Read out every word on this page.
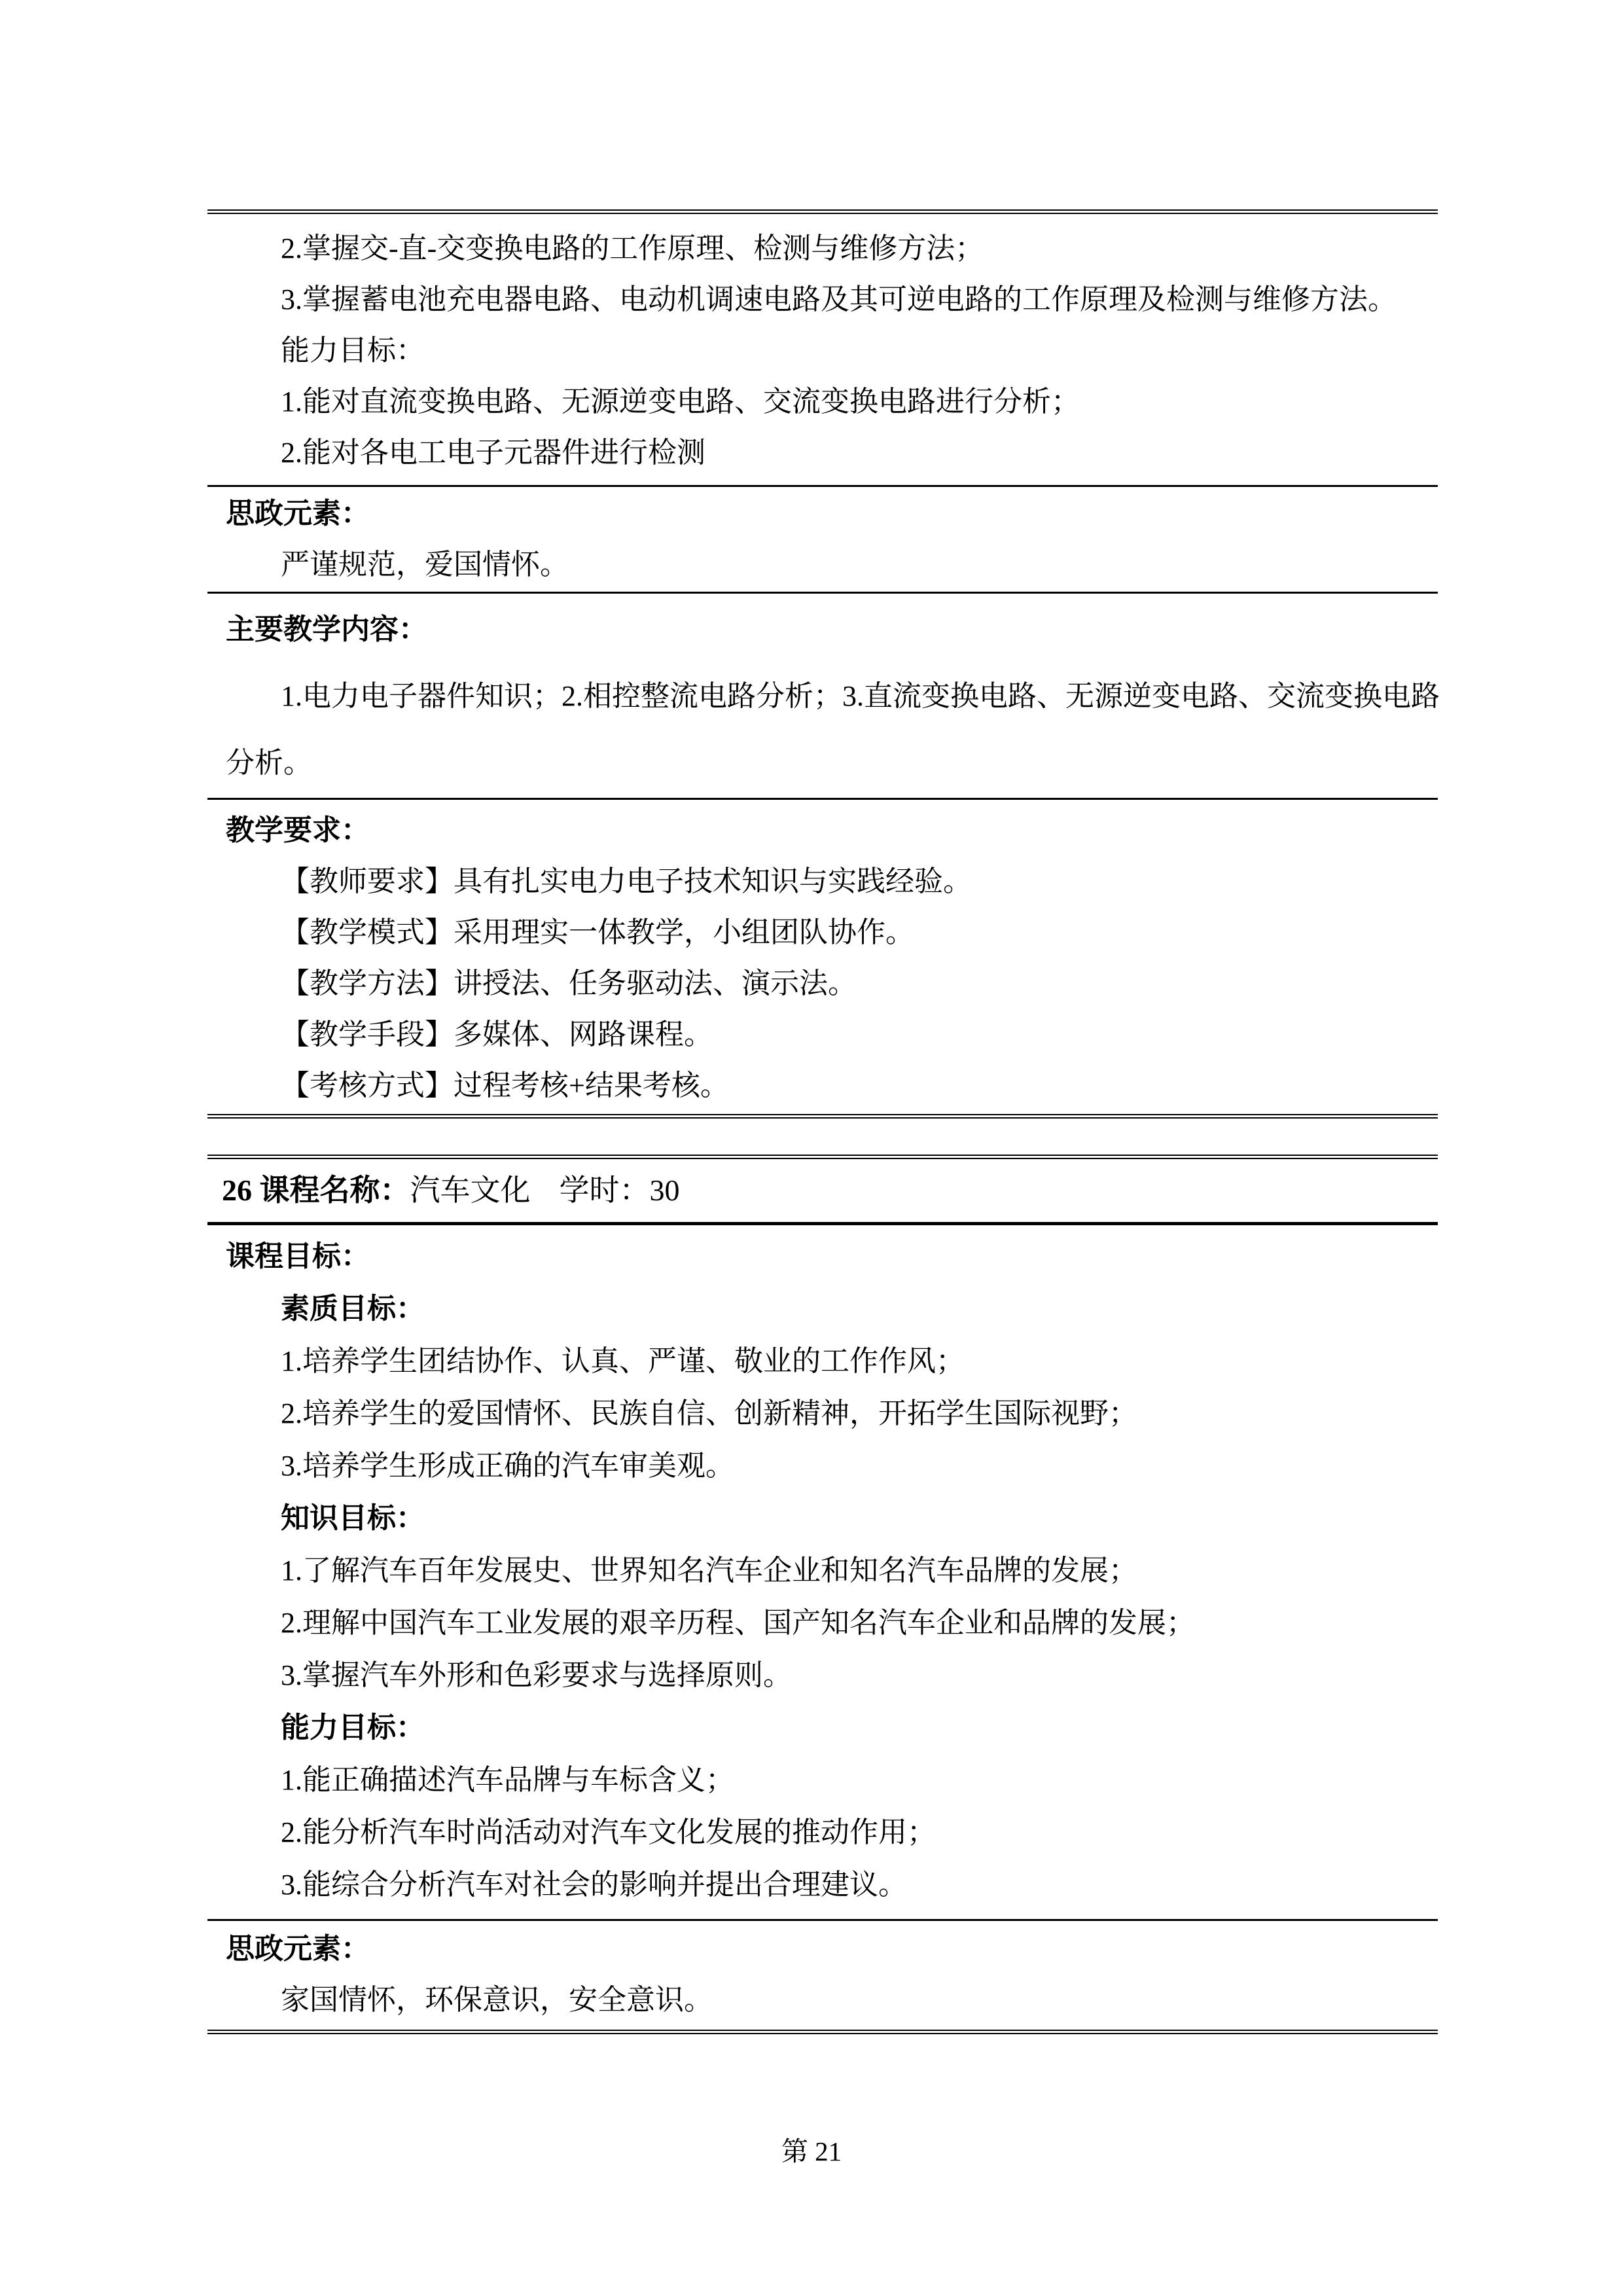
2.掌握交-直-交变换电路的工作原理、检测与维修方法；
3.掌握蓄电池充电器电路、电动机调速电路及其可逆电路的工作原理及检测与维修方法。
能力目标：
1.能对直流变换电路、无源逆变电路、交流变换电路进行分析；
2.能对各电工电子元器件进行检测
思政元素：
严谨规范，爱国情怀。
主要教学内容：
1.电力电子器件知识；2.相控整流电路分析；3.直流变换电路、无源逆变电路、交流变换电路
分析。
教学要求：
【教师要求】具有扎实电力电子技术知识与实践经验。
【教学模式】采用理实一体教学，小组团队协作。
【教学方法】讲授法、任务驱动法、演示法。
【教学手段】多媒体、网路课程。
【考核方式】过程考核+结果考核。
26 课程名称：汽车文化 学时：30
课程目标：
素质目标：
1.培养学生团结协作、认真、严谨、敬业的工作作风；
2.培养学生的爱国情怀、民族自信、创新精神，开拓学生国际视野；
3.培养学生形成正确的汽车审美观。
知识目标：
1.了解汽车百年发展史、世界知名汽车企业和知名汽车品牌的发展；
2.理解中国汽车工业发展的艰辛历程、国产知名汽车企业和品牌的发展；
3.掌握汽车外形和色彩要求与选择原则。
能力目标：
1.能正确描述汽车品牌与车标含义；
2.能分析汽车时尚活动对汽车文化发展的推动作用；
3.能综合分析汽车对社会的影响并提出合理建议。
思政元素：
家国情怀，环保意识，安全意识。
第 21
